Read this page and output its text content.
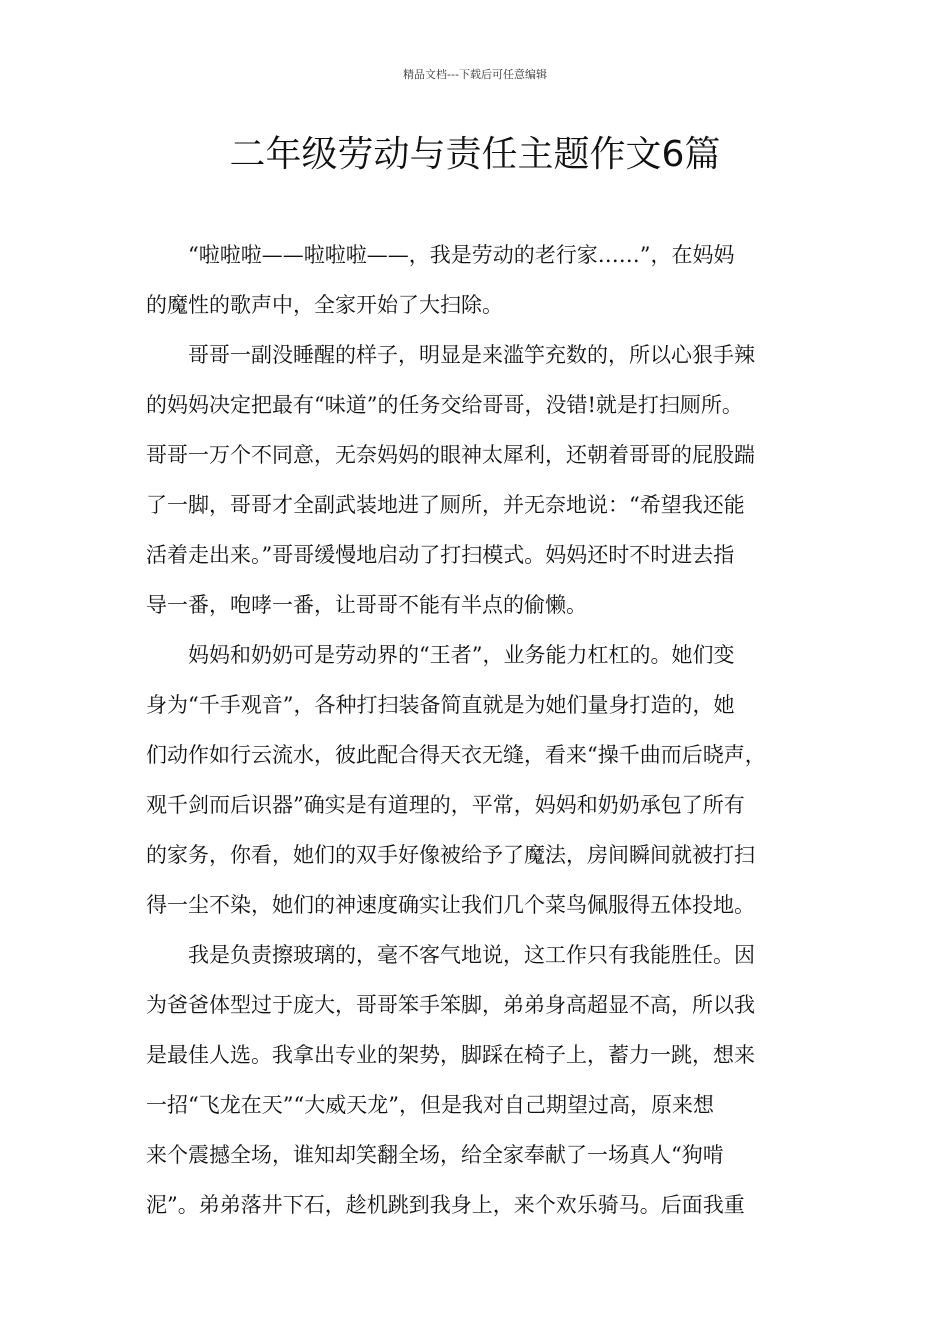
精品文档---下载后可任意编辑
二年级劳动与责任主题作文6篇
“啦啦啦——啦啦啦——，我是劳动的老行家……”，在妈妈
的魔性的歌声中，全家开始了大扫除。
哥哥一副没睡醒的样子，明显是来滥竽充数的，所以心狠手辣
的妈妈决定把最有“味道”的任务交给哥哥，没错!就是打扫厕所。
哥哥一万个不同意，无奈妈妈的眼神太犀利，还朝着哥哥的屁股踹
了一脚，哥哥才全副武装地进了厕所，并无奈地说：“希望我还能
活着走出来。”哥哥缓慢地启动了打扫模式。妈妈还时不时进去指
导一番，咆哮一番，让哥哥不能有半点的偷懒。
妈妈和奶奶可是劳动界的“王者”，业务能力杠杠的。她们变
身为“千手观音”，各种打扫装备简直就是为她们量身打造的，她
们动作如行云流水，彼此配合得天衣无缝，看来“操千曲而后晓声，
观千剑而后识器”确实是有道理的，平常，妈妈和奶奶承包了所有
的家务，你看，她们的双手好像被给予了魔法，房间瞬间就被打扫
得一尘不染，她们的神速度确实让我们几个菜鸟佩服得五体投地。
我是负责擦玻璃的，毫不客气地说，这工作只有我能胜任。因
为爸爸体型过于庞大，哥哥笨手笨脚，弟弟身高超显不高，所以我
是最佳人选。我拿出专业的架势，脚踩在椅子上，蓄力一跳，想来
一招“飞龙在天”“大威天龙”，但是我对自己期望过高，原来想
来个震撼全场，谁知却笑翻全场，给全家奉献了一场真人“狗啃
泥”。弟弟落井下石，趁机跳到我身上，来个欢乐骑马。后面我重
